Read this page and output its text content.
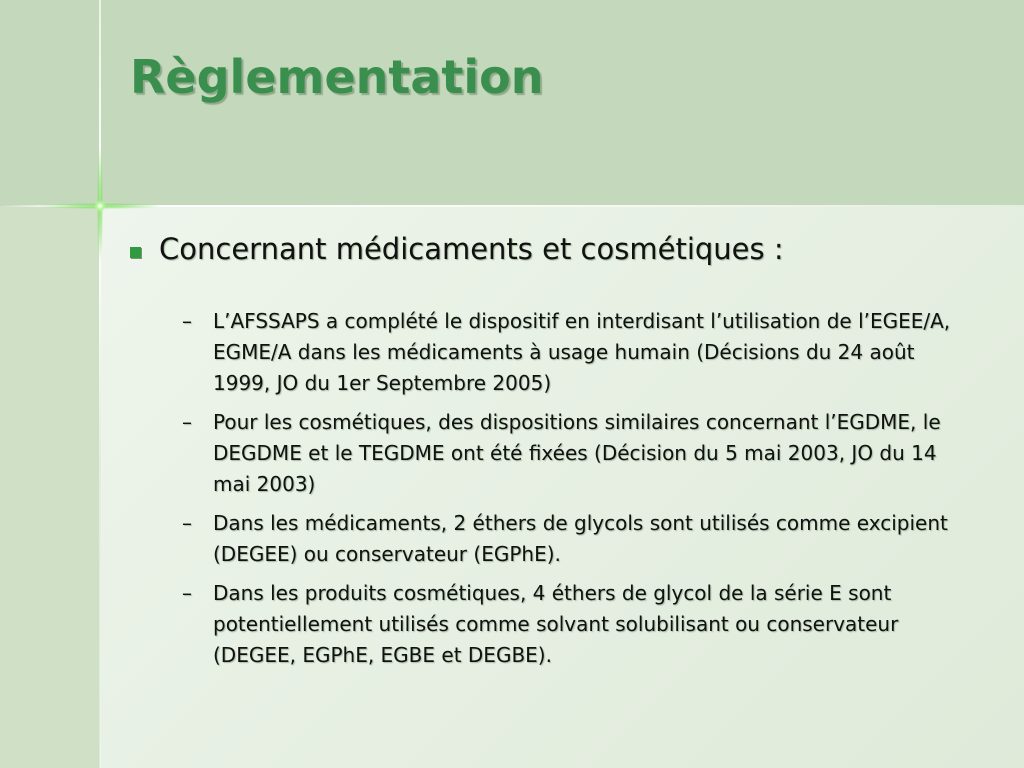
Règlementation
Concernant médicaments et cosmétiques :
–	L’AFSSAPS a complété le dispositif en interdisant l’utilisation de l’EGEE/A, EGME/A dans les médicaments à usage humain (Décisions du 24 août 1999, JO du 1er Septembre 2005)
–	Pour les cosmétiques, des dispositions similaires concernant l’EGDME, le DEGDME et le TEGDME ont été fixées (Décision du 5 mai 2003, JO du 14 mai 2003)
–	Dans les médicaments, 2 éthers de glycols sont utilisés comme excipient (DEGEE) ou conservateur (EGPhE).
–	Dans les produits cosmétiques, 4 éthers de glycol de la série E sont potentiellement utilisés comme solvant solubilisant ou conservateur (DEGEE, EGPhE, EGBE et DEGBE).
